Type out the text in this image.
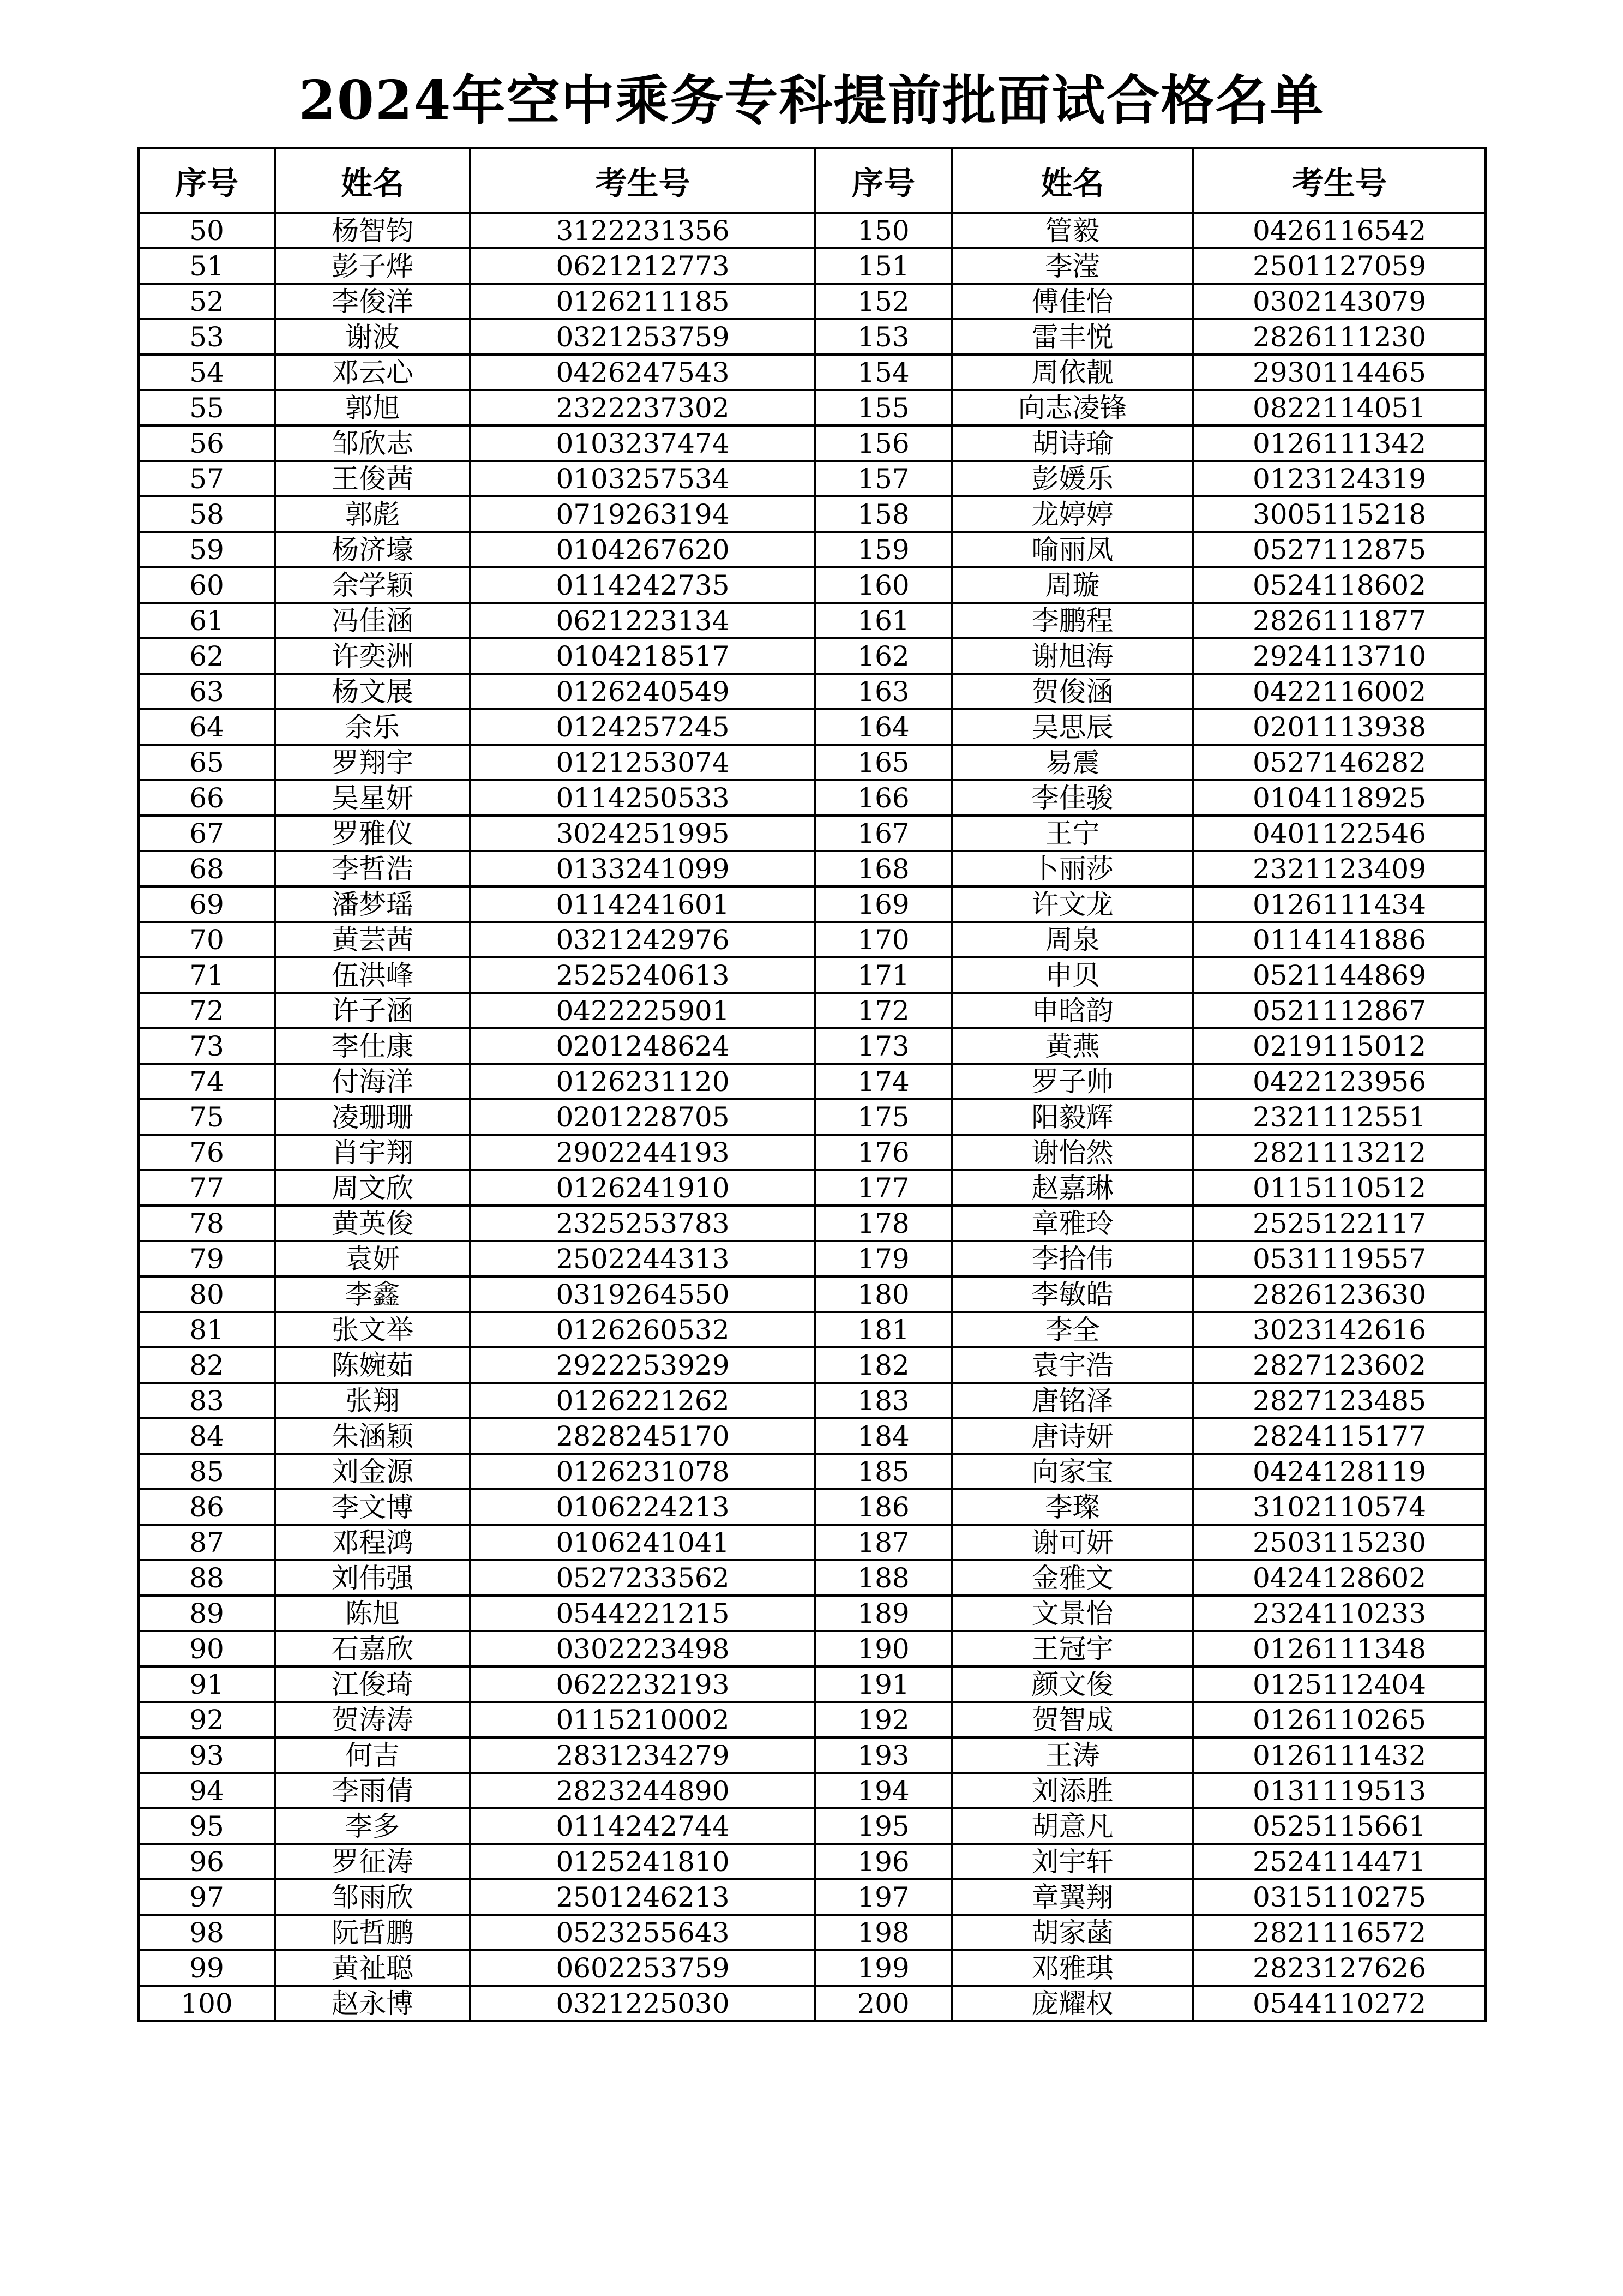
2024年空中乘务专科提前批面试合格名单
序号	姓名	考生号	序号	姓名	考生号
50	杨智钧	3122231356	150	管毅	0426116542
51	彭子烨	0621212773	151	李滢	2501127059
52	李俊洋	0126211185	152	傅佳怡	0302143079
53	谢波	0321253759	153	雷丰悦	2826111230
54	邓云心	0426247543	154	周依靓	2930114465
55	郭旭	2322237302	155	向志凌锋	0822114051
56	邹欣志	0103237474	156	胡诗瑜	0126111342
57	王俊茜	0103257534	157	彭媛乐	0123124319
58	郭彪	0719263194	158	龙婷婷	3005115218
59	杨济壕	0104267620	159	喻丽凤	0527112875
60	余学颖	0114242735	160	周璇	0524118602
61	冯佳涵	0621223134	161	李鹏程	2826111877
62	许奕洲	0104218517	162	谢旭海	2924113710
63	杨文展	0126240549	163	贺俊涵	0422116002
64	余乐	0124257245	164	吴思辰	0201113938
65	罗翔宇	0121253074	165	易震	0527146282
66	吴星妍	0114250533	166	李佳骏	0104118925
67	罗雅仪	3024251995	167	王宁	0401122546
68	李哲浩	0133241099	168	卜丽莎	2321123409
69	潘梦瑶	0114241601	169	许文龙	0126111434
70	黄芸茜	0321242976	170	周泉	0114141886
71	伍洪峰	2525240613	171	申贝	0521144869
72	许子涵	0422225901	172	申晗韵	0521112867
73	李仕康	0201248624	173	黄燕	0219115012
74	付海洋	0126231120	174	罗子帅	0422123956
75	凌珊珊	0201228705	175	阳毅辉	2321112551
76	肖宇翔	2902244193	176	谢怡然	2821113212
77	周文欣	0126241910	177	赵嘉琳	0115110512
78	黄英俊	2325253783	178	章雅玲	2525122117
79	袁妍	2502244313	179	李拾伟	0531119557
80	李鑫	0319264550	180	李敏皓	2826123630
81	张文举	0126260532	181	李全	3023142616
82	陈婉茹	2922253929	182	袁宇浩	2827123602
83	张翔	0126221262	183	唐铭泽	2827123485
84	朱涵颖	2828245170	184	唐诗妍	2824115177
85	刘金源	0126231078	185	向家宝	0424128119
86	李文博	0106224213	186	李璨	3102110574
87	邓程鸿	0106241041	187	谢可妍	2503115230
88	刘伟强	0527233562	188	金雅文	0424128602
89	陈旭	0544221215	189	文景怡	2324110233
90	石嘉欣	0302223498	190	王冠宇	0126111348
91	江俊琦	0622232193	191	颜文俊	0125112404
92	贺涛涛	0115210002	192	贺智成	0126110265
93	何吉	2831234279	193	王涛	0126111432
94	李雨倩	2823244890	194	刘添胜	0131119513
95	李多	0114242744	195	胡意凡	0525115661
96	罗征涛	0125241810	196	刘宇轩	2524114471
97	邹雨欣	2501246213	197	章翼翔	0315110275
98	阮哲鹏	0523255643	198	胡家菡	2821116572
99	黄祉聪	0602253759	199	邓雅琪	2823127626
100	赵永博	0321225030	200	庞耀权	0544110272
